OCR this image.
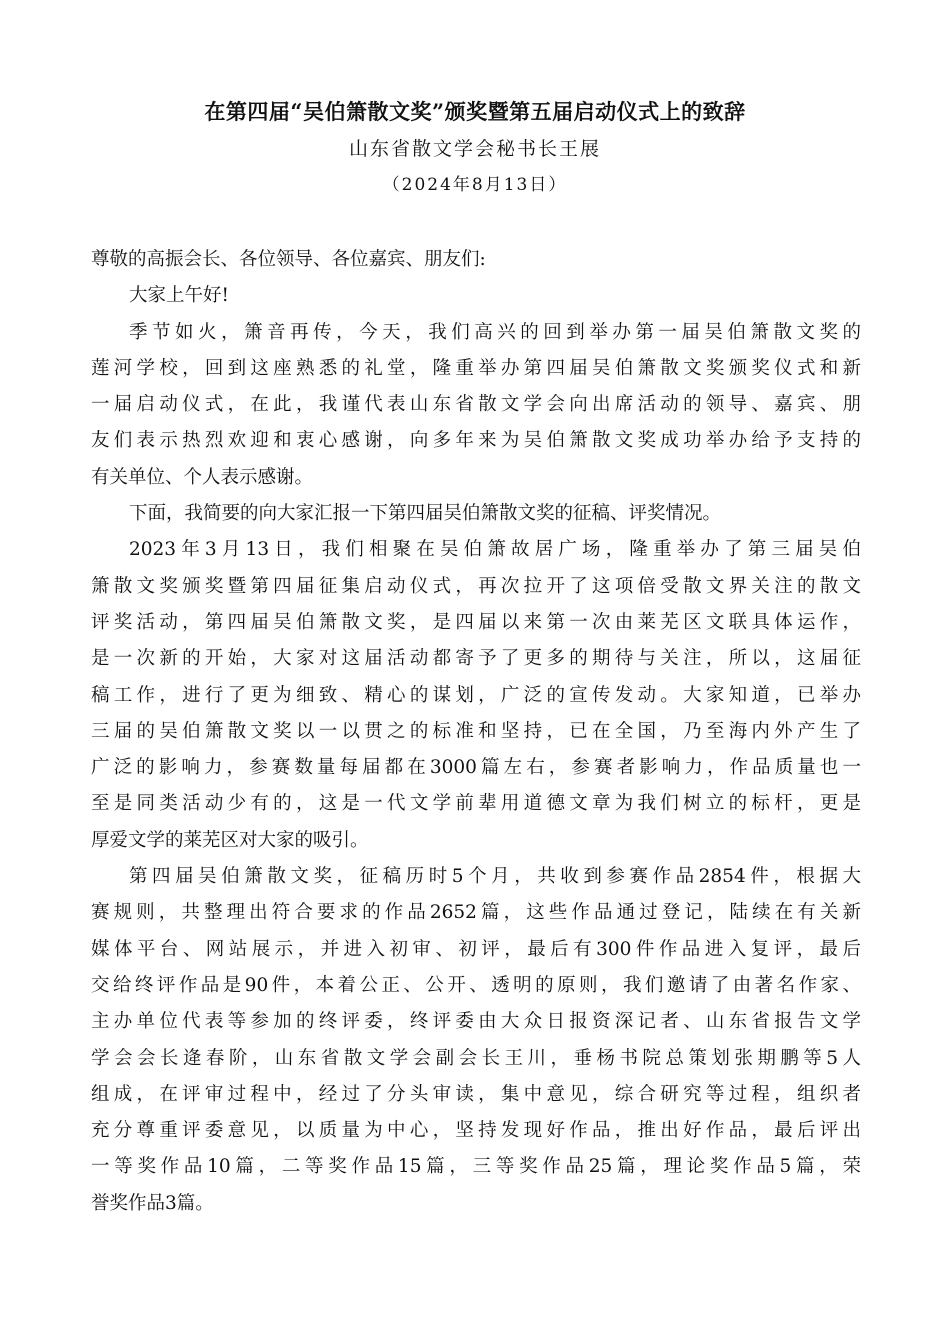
在第四届“吴伯箫散文奖”颁奖暨第五届启动仪式上的致辞
山东省散文学会秘书长王展
（2024年8月13日）
尊敬的高振会长、各位领导、各位嘉宾、朋友们:
大家上午好!
季节如火，箫音再传，今天，我们高兴的回到举办第一届吴伯箫散文奖的
莲河学校，回到这座熟悉的礼堂，隆重举办第四届吴伯箫散文奖颁奖仪式和新
一届启动仪式，在此，我谨代表山东省散文学会向出席活动的领导、嘉宾、朋
友们表示热烈欢迎和衷心感谢，向多年来为吴伯箫散文奖成功举办给予支持的
有关单位、个人表示感谢。
下面，我简要的向大家汇报一下第四届吴伯箫散文奖的征稿、评奖情况。
2023年3月13日，我们相聚在吴伯箫故居广场，隆重举办了第三届吴伯
箫散文奖颁奖暨第四届征集启动仪式，再次拉开了这项倍受散文界关注的散文
评奖活动，第四届吴伯箫散文奖，是四届以来第一次由莱芜区文联具体运作，
是一次新的开始，大家对这届活动都寄予了更多的期待与关注，所以，这届征
稿工作，进行了更为细致、精心的谋划，广泛的宣传发动。大家知道，已举办
三届的吴伯箫散文奖以一以贯之的标准和坚持，已在全国，乃至海内外产生了
广泛的影响力，参赛数量每届都在3000篇左右，参赛者影响力，作品质量也一
至是同类活动少有的，这是一代文学前辈用道德文章为我们树立的标杆，更是
厚爱文学的莱芜区对大家的吸引。
第四届吴伯箫散文奖，征稿历时5个月，共收到参赛作品2854件，根据大
赛规则，共整理出符合要求的作品2652篇，这些作品通过登记，陆续在有关新
媒体平台、网站展示，并进入初审、初评，最后有300件作品进入复评，最后
交给终评作品是90件，本着公正、公开、透明的原则，我们邀请了由著名作家、
主办单位代表等参加的终评委，终评委由大众日报资深记者、山东省报告文学
学会会长逄春阶，山东省散文学会副会长王川，垂杨书院总策划张期鹏等5人
组成，在评审过程中，经过了分头审读，集中意见，综合研究等过程，组织者
充分尊重评委意见，以质量为中心，坚持发现好作品，推出好作品，最后评出
一等奖作品10篇，二等奖作品15篇，三等奖作品25篇，理论奖作品5篇，荣
誉奖作品3篇。
